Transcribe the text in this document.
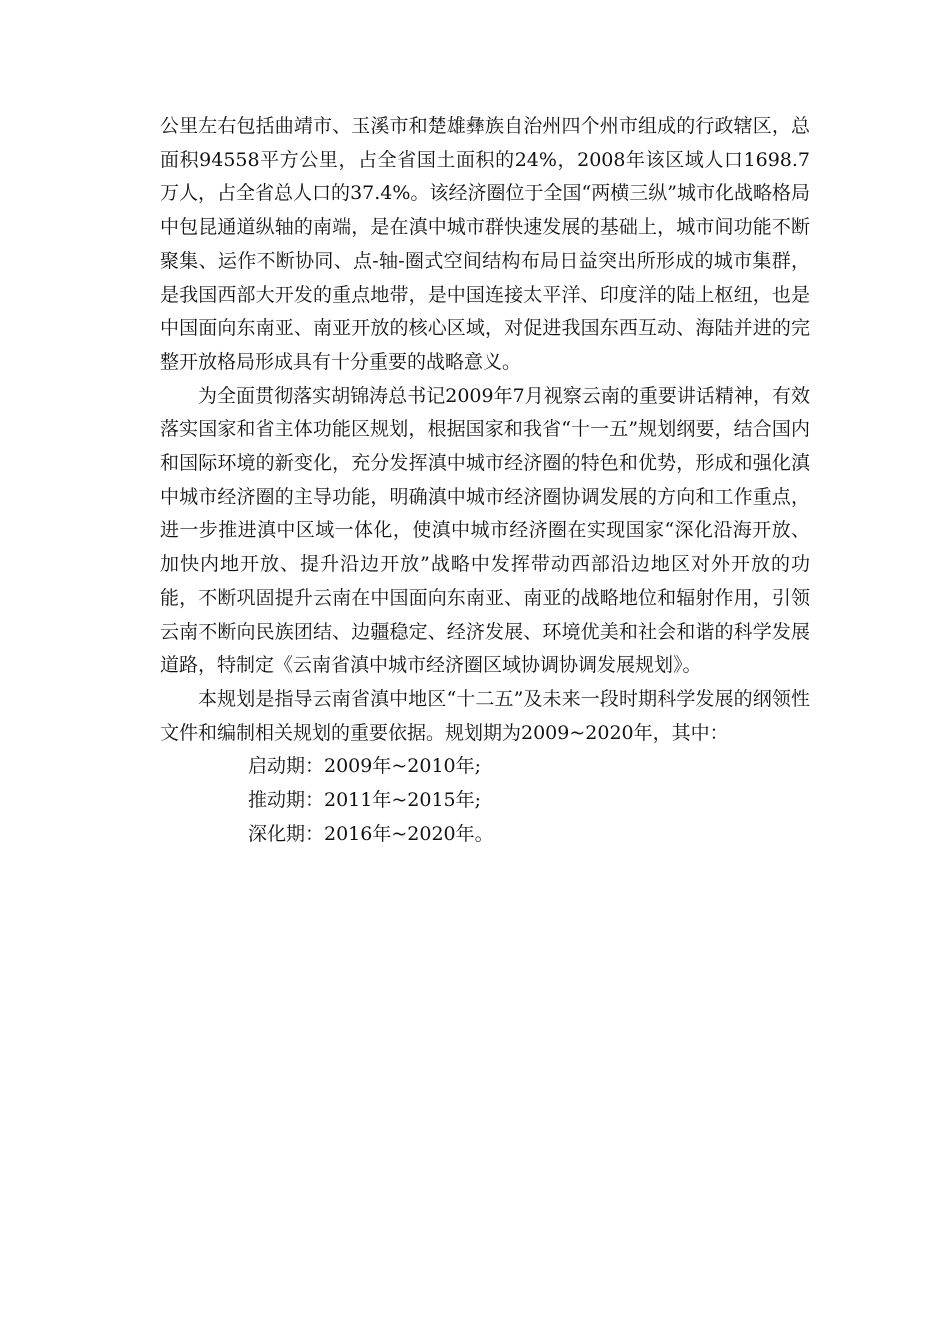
公里左右包括曲靖市、玉溪市和楚雄彝族自治州四个州市组成的行政辖区，总面积94558平方公里，占全省国土面积的24%，2008年该区域人口1698.7万人，占全省总人口的37.4%。该经济圈位于全国“两横三纵”城市化战略格局中包昆通道纵轴的南端，是在滇中城市群快速发展的基础上，城市间功能不断聚集、运作不断协同、点-轴-圈式空间结构布局日益突出所形成的城市集群，是我国西部大开发的重点地带，是中国连接太平洋、印度洋的陆上枢纽，也是中国面向东南亚、南亚开放的核心区域，对促进我国东西互动、海陆并进的完整开放格局形成具有十分重要的战略意义。

为全面贯彻落实胡锦涛总书记2009年7月视察云南的重要讲话精神，有效落实国家和省主体功能区规划，根据国家和我省“十一五”规划纲要，结合国内和国际环境的新变化，充分发挥滇中城市经济圈的特色和优势，形成和强化滇中城市经济圈的主导功能，明确滇中城市经济圈协调发展的方向和工作重点，进一步推进滇中区域一体化，使滇中城市经济圈在实现国家“深化沿海开放、加快内地开放、提升沿边开放”战略中发挥带动西部沿边地区对外开放的功能，不断巩固提升云南在中国面向东南亚、南亚的战略地位和辐射作用，引领云南不断向民族团结、边疆稳定、经济发展、环境优美和社会和谐的科学发展道路，特制定《云南省滇中城市经济圈区域协调协调发展规划》。

本规划是指导云南省滇中地区“十二五”及未来一段时期科学发展的纲领性文件和编制相关规划的重要依据。规划期为2009~2020年，其中：

启动期：2009年~2010年;
推动期：2011年~2015年;
深化期：2016年~2020年。
